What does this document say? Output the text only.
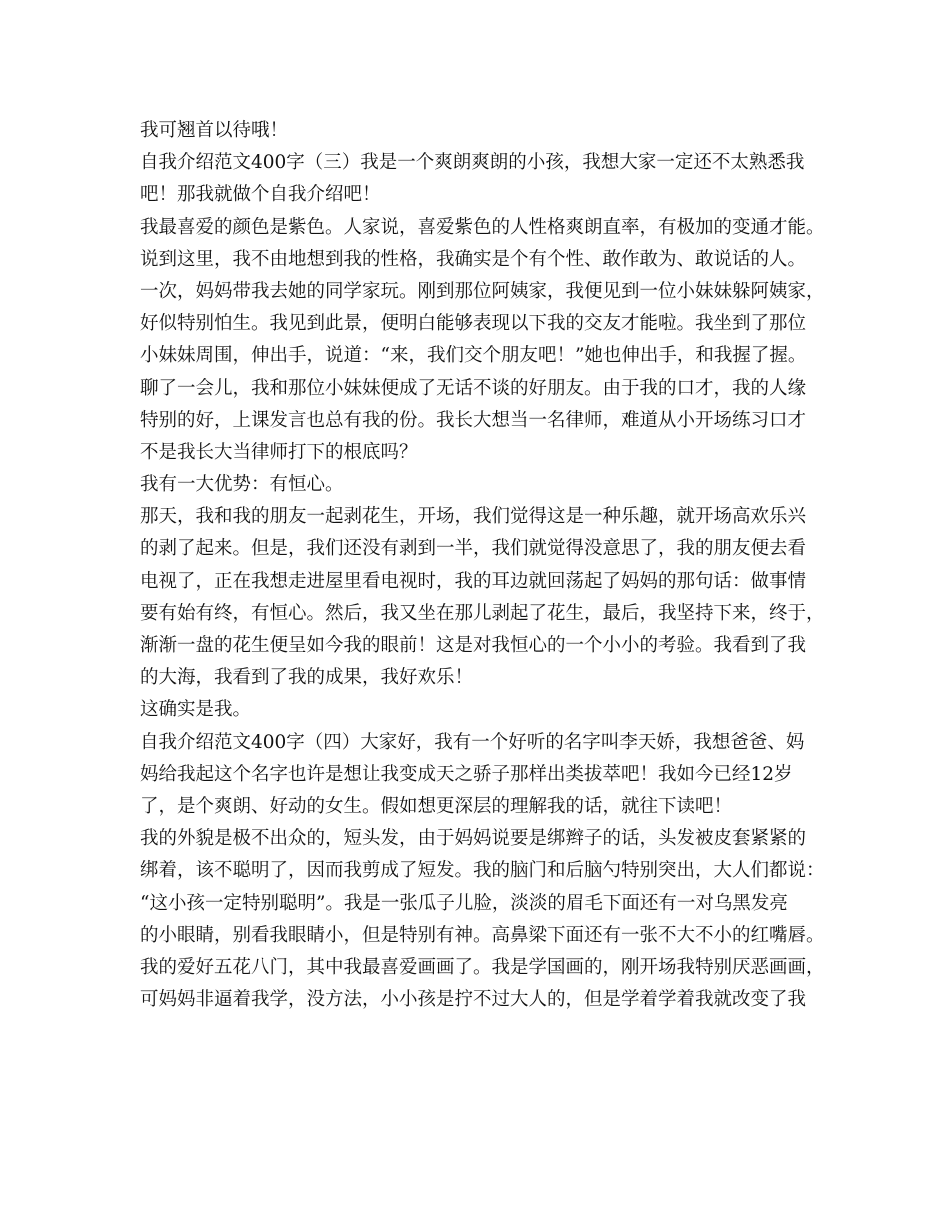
我可翘首以待哦！

自我介绍范文400字（三）我是一个爽朗爽朗的小孩，我想大家一定还不太熟悉我

吧！那我就做个自我介绍吧！

我最喜爱的颜色是紫色。人家说，喜爱紫色的人性格爽朗直率，有极加的变通才能。

说到这里，我不由地想到我的性格，我确实是个有个性、敢作敢为、敢说话的人。

一次，妈妈带我去她的同学家玩。刚到那位阿姨家，我便见到一位小妹妹躲阿姨家，

好似特别怕生。我见到此景，便明白能够表现以下我的交友才能啦。我坐到了那位

小妹妹周围，伸出手，说道：“来，我们交个朋友吧！”她也伸出手，和我握了握。

聊了一会儿，我和那位小妹妹便成了无话不谈的好朋友。由于我的口才，我的人缘

特别的好，上课发言也总有我的份。我长大想当一名律师，难道从小开场练习口才

不是我长大当律师打下的根底吗？

我有一大优势：有恒心。

那天，我和我的朋友一起剥花生，开场，我们觉得这是一种乐趣，就开场高欢乐兴

的剥了起来。但是，我们还没有剥到一半，我们就觉得没意思了，我的朋友便去看

电视了，正在我想走进屋里看电视时，我的耳边就回荡起了妈妈的那句话：做事情

要有始有终，有恒心。然后，我又坐在那儿剥起了花生，最后，我坚持下来，终于，

渐渐一盘的花生便呈如今我的眼前！这是对我恒心的一个小小的考验。我看到了我

的大海，我看到了我的成果，我好欢乐！

这确实是我。

自我介绍范文400字（四）大家好，我有一个好听的名字叫李天娇，我想爸爸、妈

妈给我起这个名字也许是想让我变成天之骄子那样出类拔萃吧！我如今已经12岁

了，是个爽朗、好动的女生。假如想更深层的理解我的话，就往下读吧！

我的外貌是极不出众的，短头发，由于妈妈说要是绑辫子的话，头发被皮套紧紧的

绑着，该不聪明了，因而我剪成了短发。我的脑门和后脑勺特别突出，大人们都说：

“这小孩一定特别聪明”。我是一张瓜子儿脸，淡淡的眉毛下面还有一对乌黑发亮

的小眼睛，别看我眼睛小，但是特别有神。高鼻梁下面还有一张不大不小的红嘴唇。

我的爱好五花八门，其中我最喜爱画画了。我是学国画的，刚开场我特别厌恶画画，

可妈妈非逼着我学，没方法，小小孩是拧不过大人的，但是学着学着我就改变了我
